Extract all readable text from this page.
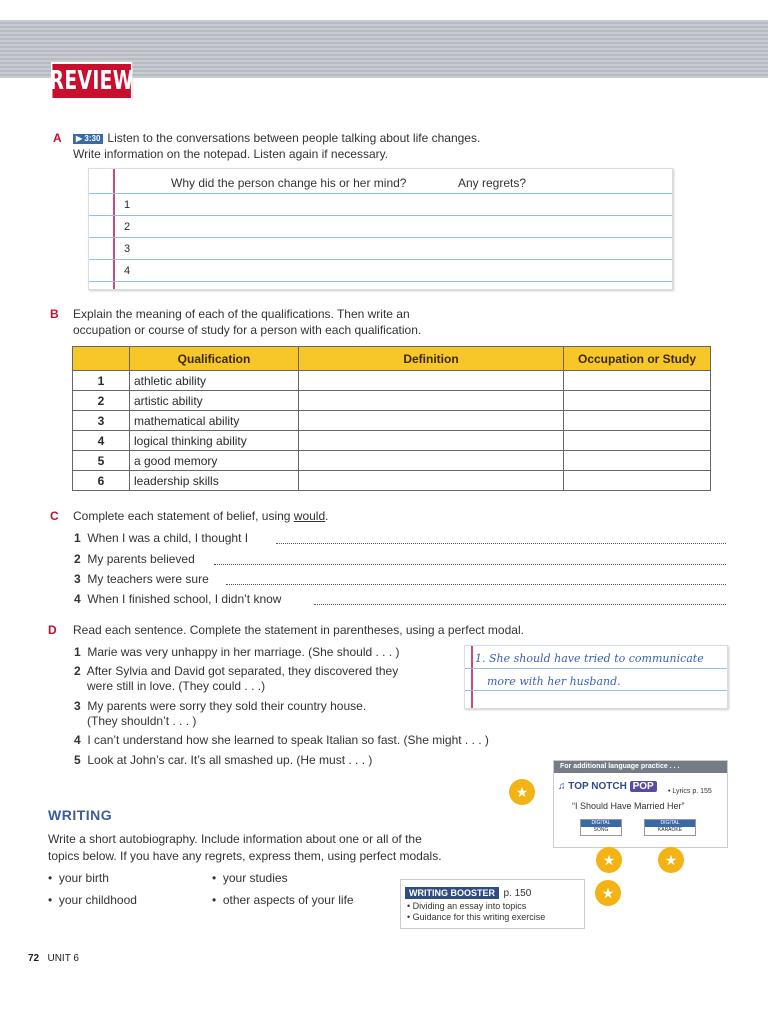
REVIEW
A	▶ 3:30 Listen to the conversations between people talking about life changes.
Write information on the notepad. Listen again if necessary.
Why did the person change his or her mind?	Any regrets?
1
2
3
4
B Explain the meaning of each of the qualifications. Then write an
occupation or course of study for a person with each qualification.
	Qualification	Definition	Occupation or Study
1	athletic ability		
2	artistic ability		
3	mathematical ability		
4	logical thinking ability		
5	a good memory		
6	leadership skills		
C Complete each statement of belief, using would.
1 When I was a child, I thought I
2 My parents believed
3 My teachers were sure
4 When I finished school, I didn’t know
D Read each sentence. Complete the statement in parentheses, using a perfect modal.
1 Marie was very unhappy in her marriage. (She should . . . )
2 After Sylvia and David got separated, they discovered they
were still in love. (They could . . .)
3 My parents were sorry they sold their country house.
(They shouldn’t . . . )
4 I can’t understand how she learned to speak Italian so fast. (She might . . . )
5 Look at John’s car. It’s all smashed up. (He must . . . )
1. She should have tried to communicate
more with her husband.
★
For additional language practice . . .
♫ TOP NOTCH POP	• Lyrics p. 155
“I Should Have Married Her”
DIGITAL
SONG
DIGITAL
KARAOKE
★	★
WRITING
Write a short autobiography. Include information about one or all of the
topics below. If you have any regrets, express them, using perfect modals.
•  your birth
•  your childhood
•  your studies
•  other aspects of your life	WRITING BOOSTER p. 150
• Dividing an essay into topics
• Guidance for this writing exercise
★
72 UNIT 6
